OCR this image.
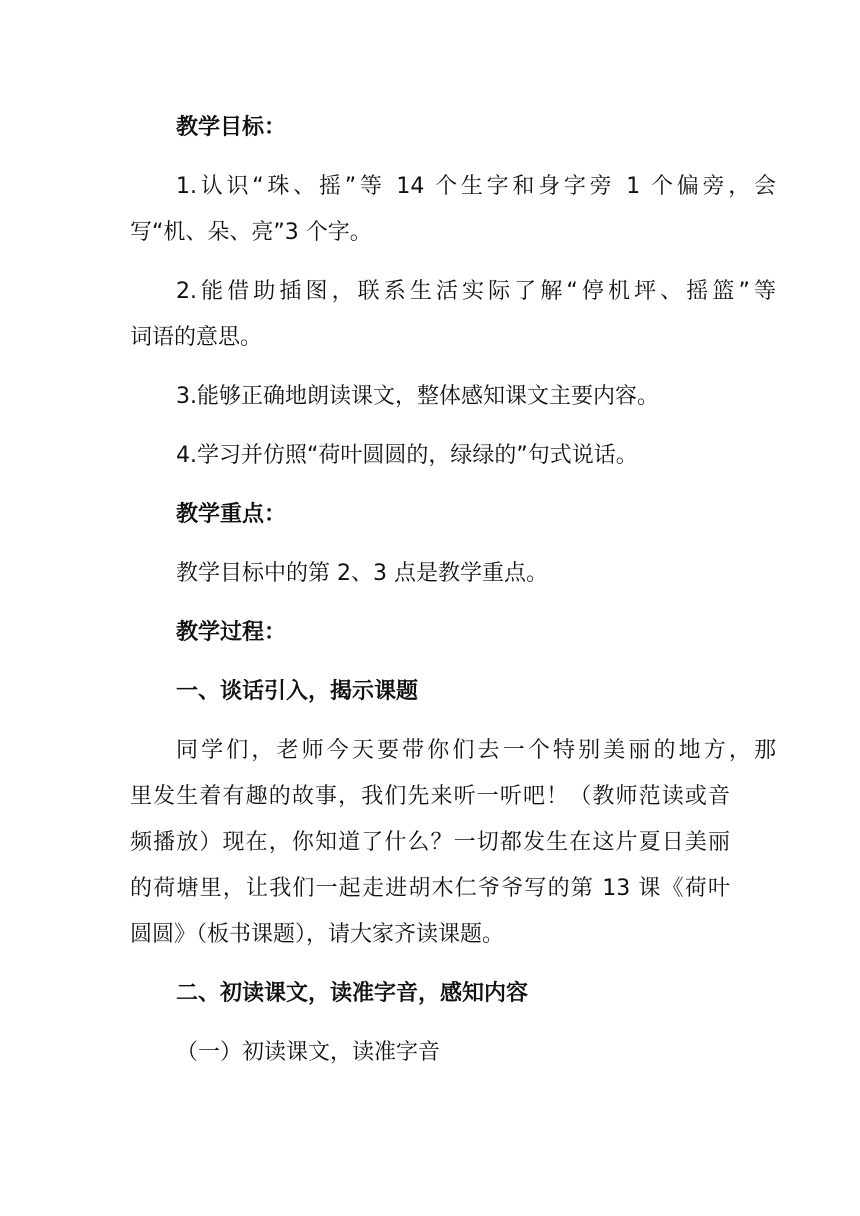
教学目标：
1.认识“珠、摇”等 14 个生字和身字旁 1 个偏旁，会
写“机、朵、亮”3 个字。
2.能借助插图，联系生活实际了解“停机坪、摇篮”等
词语的意思。
3.能够正确地朗读课文，整体感知课文主要内容。
4.学习并仿照“荷叶圆圆的，绿绿的”句式说话。
教学重点：
教学目标中的第 2、3 点是教学重点。
教学过程：
一、谈话引入，揭示课题
同学们，老师今天要带你们去一个特别美丽的地方，那
里发生着有趣的故事，我们先来听一听吧！（教师范读或音
频播放）现在，你知道了什么？一切都发生在这片夏日美丽
的荷塘里，让我们一起走进胡木仁爷爷写的第 13 课《荷叶
圆圆》（板书课题），请大家齐读课题。
二、初读课文，读准字音，感知内容
（一）初读课文，读准字音
